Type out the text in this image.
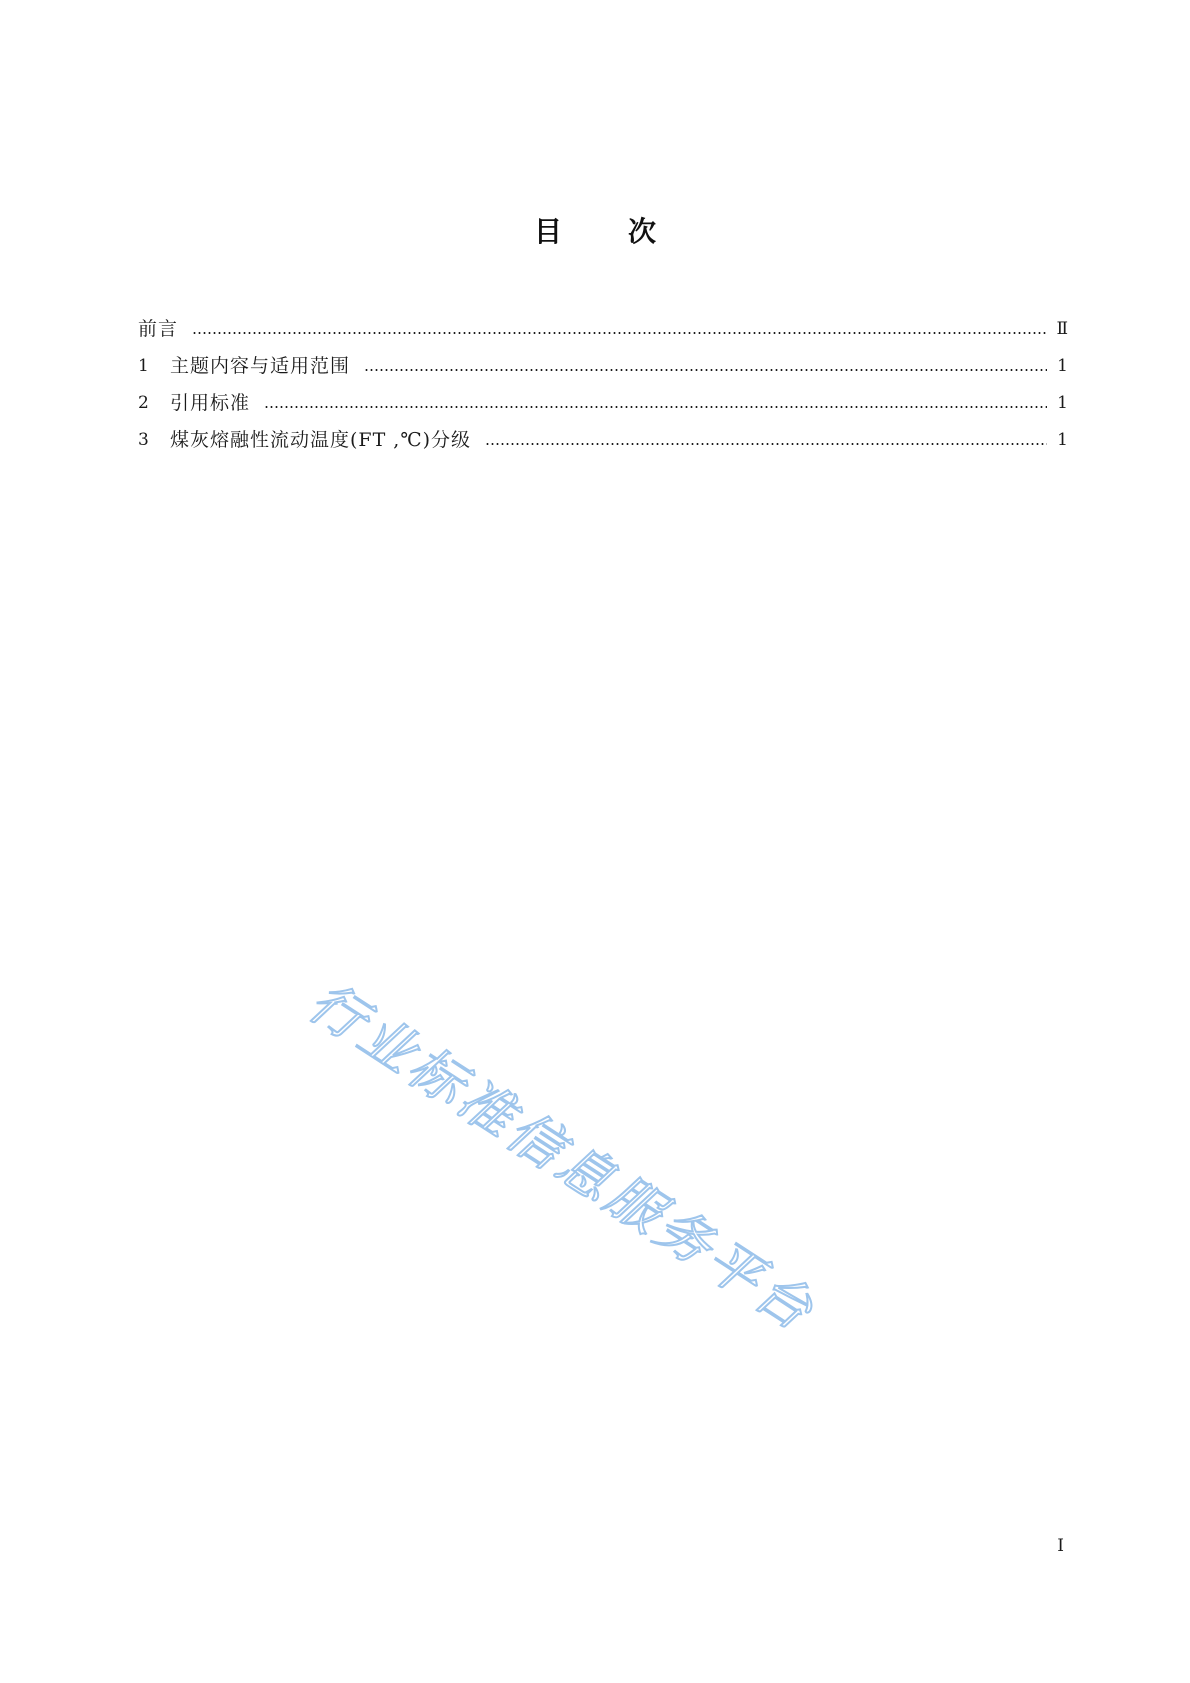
目次
前言	Ⅱ
1	主题内容与适用范围	1
2	引用标准	1
3	煤灰熔融性流动温度(FT ,℃)分级	1
行业标准信息服务平台
I
